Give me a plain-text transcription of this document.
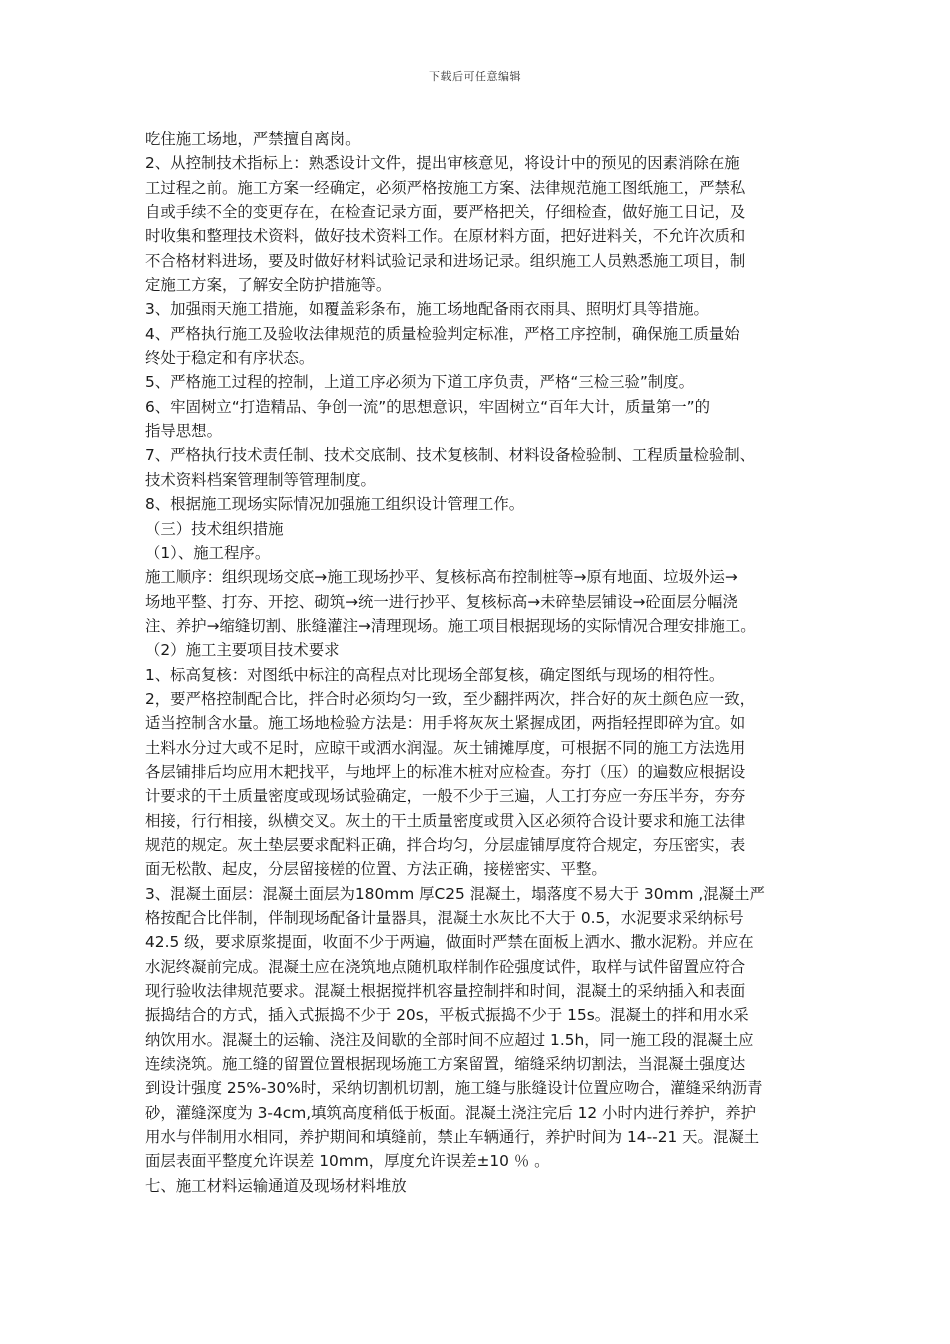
下载后可任意编辑
吃住施工场地，严禁擅自离岗。
2、从控制技术指标上：熟悉设计文件，提出审核意见，将设计中的预见的因素消除在施
工过程之前。施工方案一经确定，必须严格按施工方案、法律规范施工图纸施工，严禁私
自或手续不全的变更存在，在检查记录方面，要严格把关，仔细检查，做好施工日记，及
时收集和整理技术资料，做好技术资料工作。在原材料方面，把好进料关，不允许次质和
不合格材料进场，要及时做好材料试验记录和进场记录。组织施工人员熟悉施工项目，制
定施工方案，了解安全防护措施等。
3、加强雨天施工措施，如覆盖彩条布，施工场地配备雨衣雨具、照明灯具等措施。
4、严格执行施工及验收法律规范的质量检验判定标准，严格工序控制，确保施工质量始
终处于稳定和有序状态。
5、严格施工过程的控制，上道工序必须为下道工序负责，严格“三检三验”制度。
6、牢固树立“打造精品、争创一流”的思想意识，牢固树立“百年大计，质量第一”的
指导思想。
7、严格执行技术责任制、技术交底制、技术复核制、材料设备检验制、工程质量检验制、
技术资料档案管理制等管理制度。
8、根据施工现场实际情况加强施工组织设计管理工作。
（三）技术组织措施
（1）、施工程序。
施工顺序：组织现场交底→施工现场抄平、复核标高布控制桩等→原有地面、垃圾外运→
场地平整、打夯、开挖、砌筑→统一进行抄平、复核标高→未碎垫层铺设→砼面层分幅浇
注、养护→缩缝切割、胀缝灌注→清理现场。施工项目根据现场的实际情况合理安排施工。
（2）施工主要项目技术要求
1、标高复核：对图纸中标注的高程点对比现场全部复核，确定图纸与现场的相符性。
2，要严格控制配合比，拌合时必须均匀一致，至少翻拌两次，拌合好的灰土颜色应一致，
适当控制含水量。施工场地检验方法是：用手将灰灰土紧握成团，两指轻捏即碎为宜。如
土料水分过大或不足时，应晾干或洒水润湿。灰土铺摊厚度，可根据不同的施工方法选用
各层铺排后均应用木耙找平，与地坪上的标准木桩对应检查。夯打（压）的遍数应根据设
计要求的干土质量密度或现场试验确定，一般不少于三遍，人工打夯应一夯压半夯，夯夯
相接，行行相接，纵横交叉。灰土的干土质量密度或贯入区必须符合设计要求和施工法律
规范的规定。灰土垫层要求配料正确，拌合均匀，分层虚铺厚度符合规定，夯压密实，表
面无松散、起皮，分层留接槎的位置、方法正确，接槎密实、平整。
3、混凝土面层：混凝土面层为180mm 厚C25 混凝土，塌落度不易大于 30mm ,混凝土严
格按配合比伴制，伴制现场配备计量器具，混凝土水灰比不大于 0.5，水泥要求采纳标号
42.5 级，要求原浆提面，收面不少于两遍，做面时严禁在面板上洒水、撒水泥粉。并应在
水泥终凝前完成。混凝土应在浇筑地点随机取样制作砼强度试件，取样与试件留置应符合
现行验收法律规范要求。混凝土根据搅拌机容量控制拌和时间，混凝土的采纳插入和表面
振捣结合的方式，插入式振捣不少于 20s，平板式振捣不少于 15s。混凝土的拌和用水采
纳饮用水。混凝土的运输、浇注及间歇的全部时间不应超过 1.5h，同一施工段的混凝土应
连续浇筑。施工缝的留置位置根据现场施工方案留置，缩缝采纳切割法，当混凝土强度达
到设计强度 25%-30%时，采纳切割机切割，施工缝与胀缝设计位置应吻合，灌缝采纳沥青
砂，灌缝深度为 3-4cm,填筑高度稍低于板面。混凝土浇注完后 12 小时内进行养护，养护
用水与伴制用水相同，养护期间和填缝前，禁止车辆通行，养护时间为 14--21 天。混凝土
面层表面平整度允许误差 10mm，厚度允许误差±10 ％ 。
七、施工材料运输通道及现场材料堆放
